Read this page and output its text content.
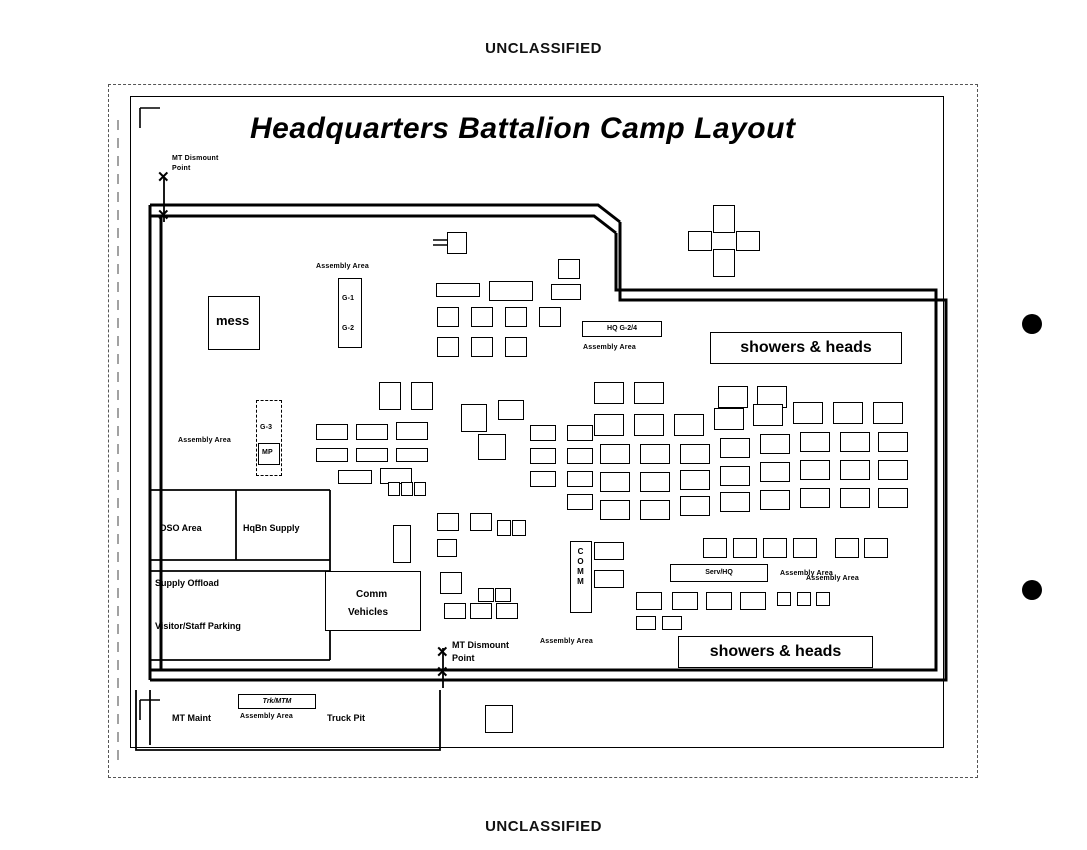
UNCLASSIFIED
UNCLASSIFIED
Headquarters Battalion Camp Layout
✕
✕
✕
✕
MT Dismount
Point
MT Dismount
Point
mess
showers & heads
showers & heads
HQ G-2/4
Assembly Area
Serv/HQ	Assembly Area
Assembly Area
G-1
G-2
Assembly Area
G-3
MP
COMM
Assembly Area
DSO Area	HqBn Supply
Supply Offload
Visitor/Staff Parking
Comm
Vehicles
MT Maint
Trk/MTM
Assembly Area	Truck Pit
Assembly Area
